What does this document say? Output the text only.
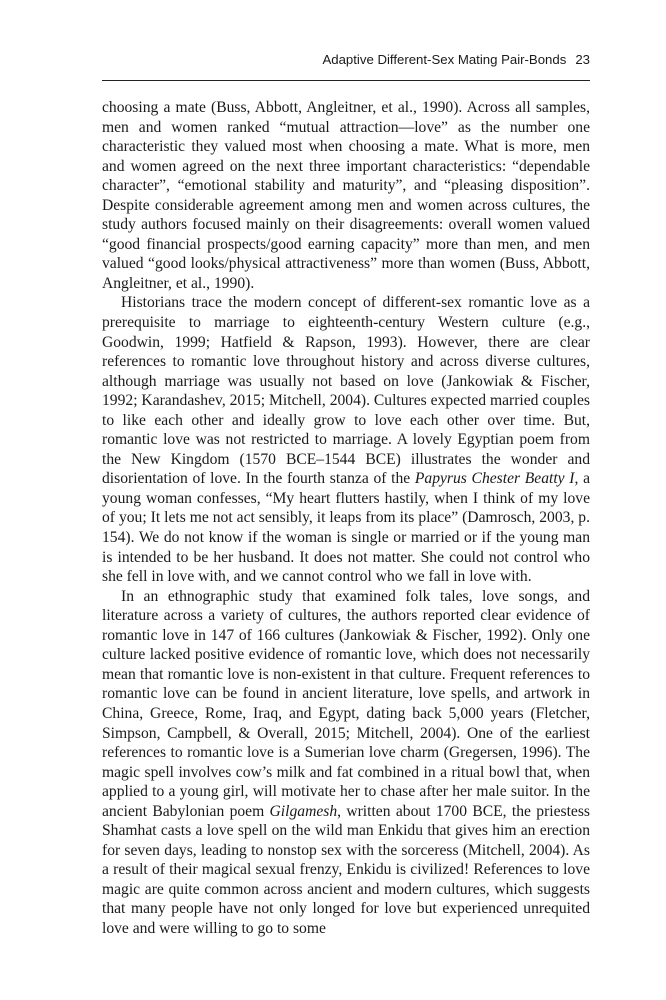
Adaptive Different-Sex Mating Pair-Bonds 23

choosing a mate (Buss, Abbott, Angleitner, et al., 1990). Across all samples, men and women ranked “mutual attraction—love” as the number one characteristic they valued most when choosing a mate. What is more, men and women agreed on the next three important characteristics: “dependable character”, “emotional stability and maturity”, and “pleasing disposition”. Despite considerable agreement among men and women across cultures, the study authors focused mainly on their disagreements: overall women valued “good financial prospects/good earning capacity” more than men, and men valued “good looks/physical attractiveness” more than women (Buss, Abbott, Angleitner, et al., 1990).

Historians trace the modern concept of different-sex romantic love as a prerequisite to marriage to eighteenth-century Western culture (e.g., Goodwin, 1999; Hatfield & Rapson, 1993). However, there are clear references to romantic love throughout history and across diverse cultures, although marriage was usually not based on love (Jankowiak & Fischer, 1992; Karandashev, 2015; Mitchell, 2004). Cultures expected married couples to like each other and ideally grow to love each other over time. But, romantic love was not restricted to marriage. A lovely Egyptian poem from the New Kingdom (1570 BCE–1544 BCE) illustrates the wonder and disorientation of love. In the fourth stanza of the Papyrus Chester Beatty I, a young woman confesses, “My heart flutters hastily, when I think of my love of you; It lets me not act sensibly, it leaps from its place” (Damrosch, 2003, p. 154). We do not know if the woman is single or married or if the young man is intended to be her husband. It does not matter. She could not control who she fell in love with, and we cannot control who we fall in love with.

In an ethnographic study that examined folk tales, love songs, and literature across a variety of cultures, the authors reported clear evidence of romantic love in 147 of 166 cultures (Jankowiak & Fischer, 1992). Only one culture lacked positive evidence of romantic love, which does not necessarily mean that romantic love is non-existent in that culture. Frequent references to romantic love can be found in ancient literature, love spells, and artwork in China, Greece, Rome, Iraq, and Egypt, dating back 5,000 years (Fletcher, Simpson, Campbell, & Overall, 2015; Mitchell, 2004). One of the earliest references to romantic love is a Sumerian love charm (Gregersen, 1996). The magic spell involves cow’s milk and fat combined in a ritual bowl that, when applied to a young girl, will motivate her to chase after her male suitor. In the ancient Babylonian poem Gilgamesh, written about 1700 BCE, the priestess Shamhat casts a love spell on the wild man Enkidu that gives him an erection for seven days, leading to nonstop sex with the sorceress (Mitchell, 2004). As a result of their magical sexual frenzy, Enkidu is civilized! References to love magic are quite common across ancient and modern cultures, which suggests that many people have not only longed for love but experienced unrequited love and were willing to go to some
